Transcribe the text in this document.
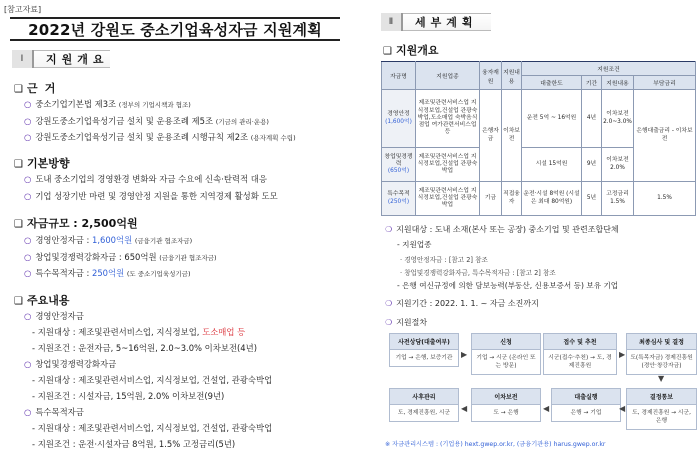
[참고자료]
2022년 강원도 중소기업육성자금 지원계획
Ⅰ	지원개요
❑ 근 거
○ 중소기업기본법 제3조 (정부의 기업시책과 협조)
○ 강원도중소기업육성기금 설치 및 운용조례 제5조 (기금의 관리·운용)
○ 강원도중소기업육성기금 설치 및 운용조례 시행규칙 제2조 (용자계획 수립)
❑ 기본방향
○ 도내 중소기업의 경영환경 변화와 자금 수요에 신속·탄력적 대응
○ 기업 성장기반 마련 및 경영안정 지원을 통한 지역경제 활성화 도모
❑ 자금규모 : 2,500억원
○ 경영안정자금 : 1,600억원 (금융기관 협조자금)
○ 창업및경쟁력강화자금 : 650억원 (금융기관 협조자금)
○ 특수목적자금 : 250억원 (도 중소기업육성기금)
❑ 주요내용
○ 경영안정자금
- 지원대상 : 제조및관련서비스업, 지식정보업, 도소매업 등
- 지원조건 : 운전자금, 5~16억원, 2.0~3.0% 이차보전(4년)
○ 창업및경쟁력강화자금
- 지원대상 : 제조및관련서비스업, 지식정보업, 건설업, 관광숙박업
- 지원조건 : 시설자금, 15억원, 2.0% 이차보전(9년)
○ 특수목적자금
- 지원대상 : 제조및관련서비스업, 지식정보업, 건설업, 관광숙박업
- 지원조건 : 운전·시설자금 8억원, 1.5% 고정금리(5년)
Ⅱ	세부계획
❑ 지원개요
자금명	지원업종	융자재원	지원내용	지원조건			
				대출한도	기간	지원내용	부담금리
경영안정
(1,600억)	제조및관련서비스업 지식정보업,건설업 관광숙박업,도소매업 숙박음식점업 여가관련서비스업 등	은행자금	이차보전	운전 5억 ~ 16억원	4년	이차보전 2.0~3.0%	은행대출금리 - 이차보전
창업및경쟁력
(650억)	제조및관련서비스업 지식정보업,건설업 관광숙박업			시설 15억원	9년	이차보전 2.0%	
특수목적
(250억)	제조및관련서비스업 지식정보업,건설업 관광숙박업	기금	직접융자	운전·시설 8억원 (시설은 최대 80억원)	5년	고정금리 1.5%	1.5%
❍ 지원대상 : 도내 소재(본사 또는 공장) 중소기업 및 관련조합단체
- 지원업종
· 경영안정자금 : [참고 2] 참조
· 창업및경쟁력강화자금, 특수목적자금 : [참고 2] 참조
- 은행 여신규정에 의한 담보능력(부동산, 신용보증서 등) 보유 기업
❍ 지원기간 : 2022. 1. 1. ~ 자금 소진까지
❍ 지원절차
사전상담(대출여부)
기업 → 은행, 보증기관	▶
신청
기업 → 시군 (온라인 또는 방문)
접수 및 추천
시군(접수·추천) → 도, 경제진흥원
▶
최종심사 및 결정
도(특목자금) 경제진흥원(경안·창강자금)
▼
사후관리
도, 경제진흥원, 시군	◀
이차보전
도 → 은행	◀
대출실행
은행 → 기업	◀
결정통보
도, 경제진흥원 → 시군, 은행
※ 자금관리시스템 : (기업용) hext.gwep.or.kr, (금융기관용) harus.gwep.or.kr
